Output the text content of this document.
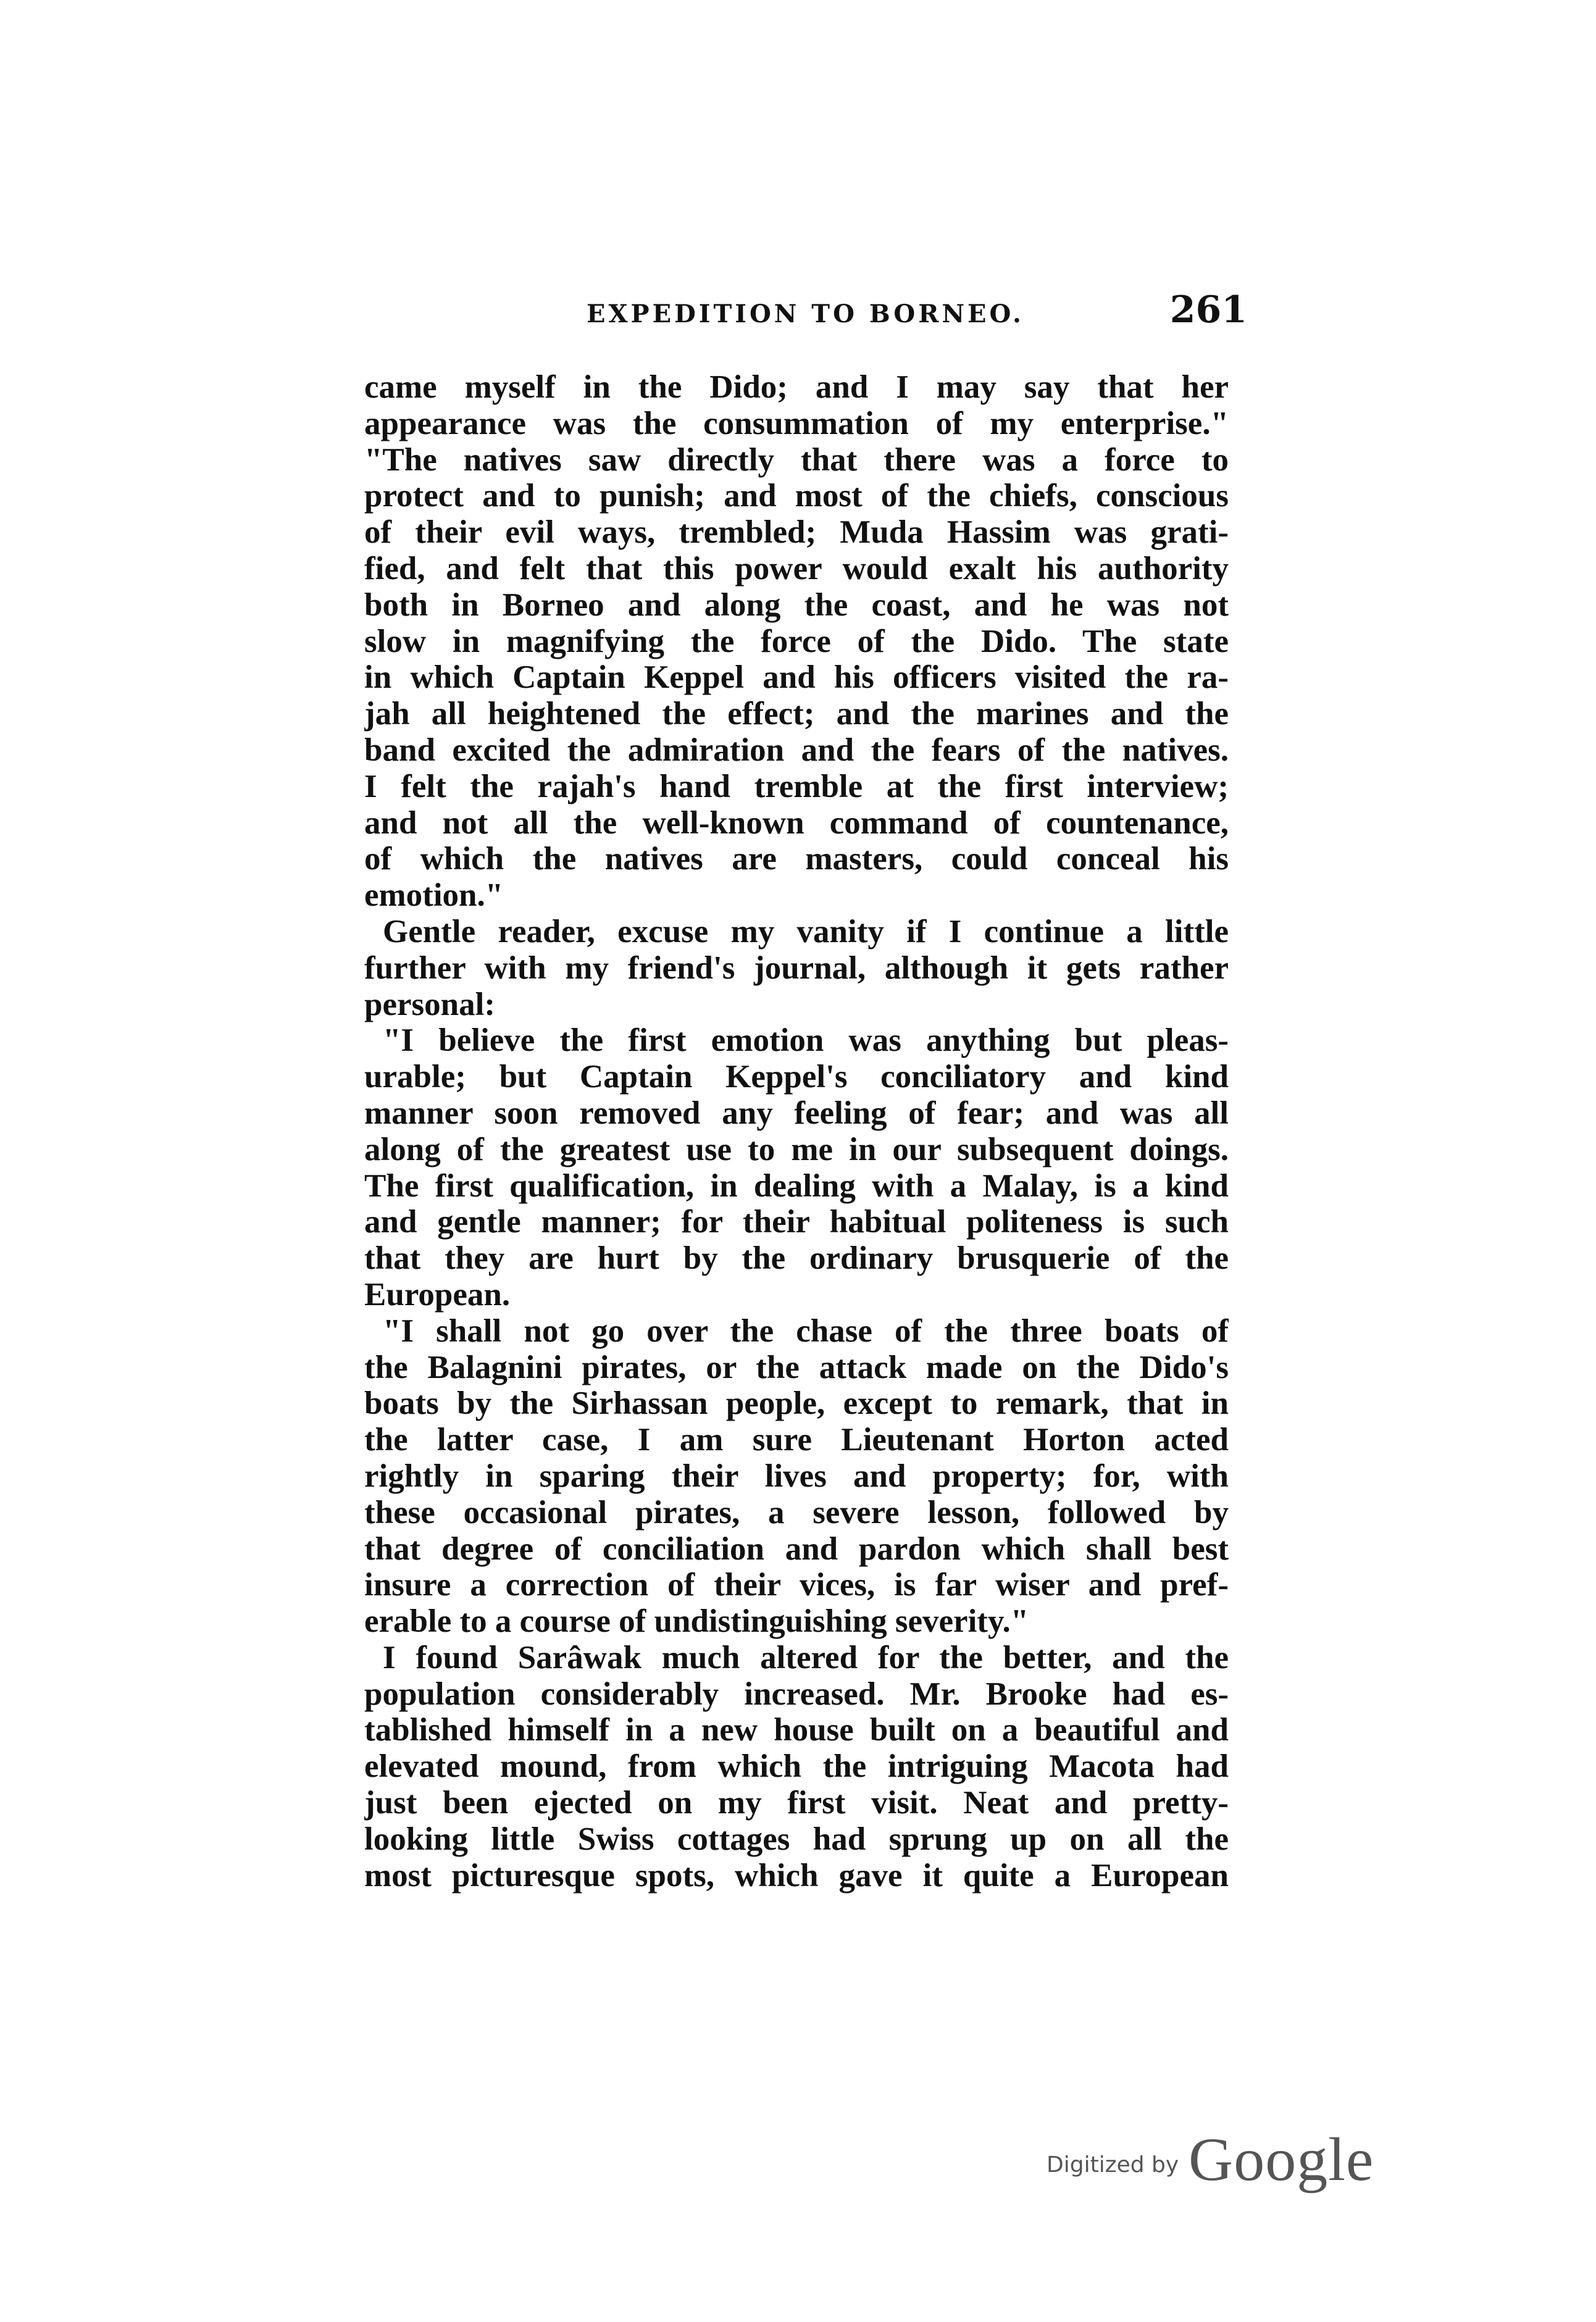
EXPEDITION TO BORNEO.	261
came myself in the Dido; and I may say that her
appearance was the consummation of my enterprise."
"The natives saw directly that there was a force to
protect and to punish; and most of the chiefs, conscious
of their evil ways, trembled; Muda Hassim was grati-
fied, and felt that this power would exalt his authority
both in Borneo and along the coast, and he was not
slow in magnifying the force of the Dido. The state
in which Captain Keppel and his officers visited the ra-
jah all heightened the effect; and the marines and the
band excited the admiration and the fears of the natives.
I felt the rajah's hand tremble at the first interview;
and not all the well-known command of countenance,
of which the natives are masters, could conceal his
emotion."
Gentle reader, excuse my vanity if I continue a little
further with my friend's journal, although it gets rather
personal:
"I believe the first emotion was anything but pleas-
urable; but Captain Keppel's conciliatory and kind
manner soon removed any feeling of fear; and was all
along of the greatest use to me in our subsequent doings.
The first qualification, in dealing with a Malay, is a kind
and gentle manner; for their habitual politeness is such
that they are hurt by the ordinary brusquerie of the
European.
"I shall not go over the chase of the three boats of
the Balagnini pirates, or the attack made on the Dido's
boats by the Sirhassan people, except to remark, that in
the latter case, I am sure Lieutenant Horton acted
rightly in sparing their lives and property; for, with
these occasional pirates, a severe lesson, followed by
that degree of conciliation and pardon which shall best
insure a correction of their vices, is far wiser and pref-
erable to a course of undistinguishing severity."
I found Sarâwak much altered for the better, and the
population considerably increased. Mr. Brooke had es-
tablished himself in a new house built on a beautiful and
elevated mound, from which the intriguing Macota had
just been ejected on my first visit. Neat and pretty-
looking little Swiss cottages had sprung up on all the
most picturesque spots, which gave it quite a European
Digitized by Google
